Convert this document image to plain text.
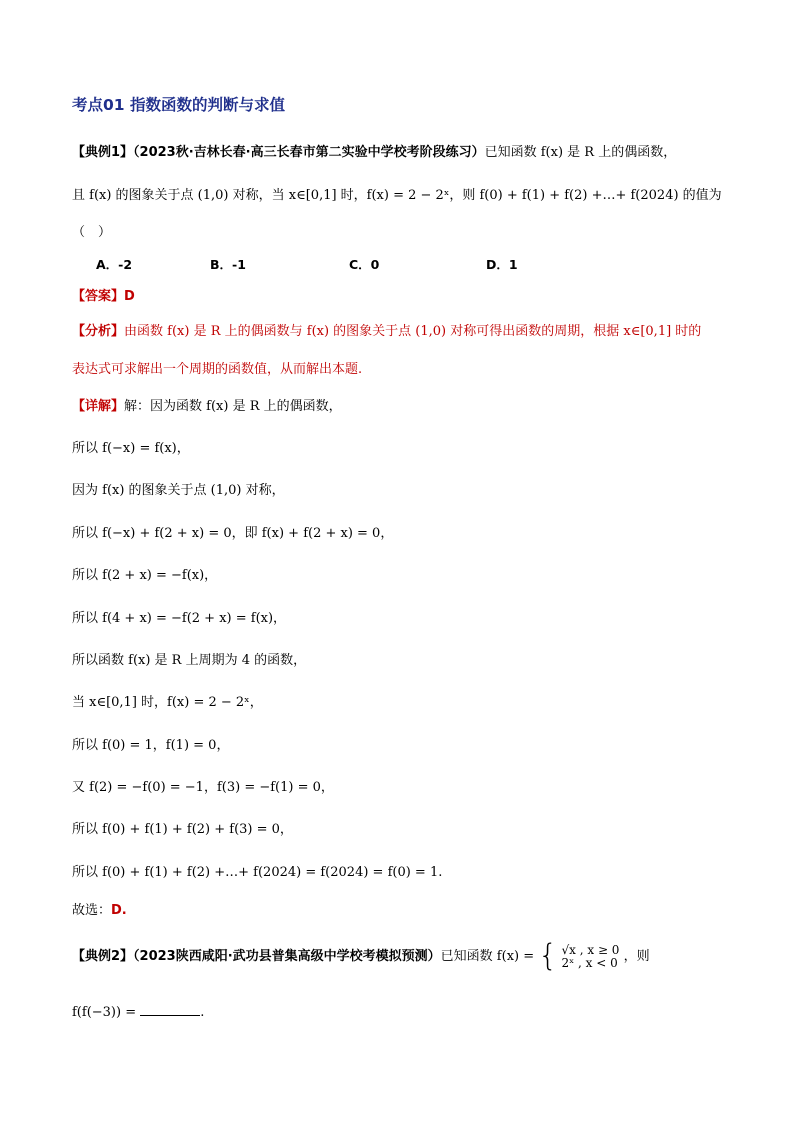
考点01 指数函数的判断与求值
【典例1】（2023秋·吉林长春·高三长春市第二实验中学校考阶段练习）已知函数 f(x) 是 R 上的偶函数，
且 f(x) 的图象关于点 (1,0) 对称，当 x∈[0,1] 时，f(x) = 2 − 2ˣ，则 f(0) + f(1) + f(2) +…+ f(2024) 的值为
（　）
A．-2	B．-1	C．0	D．1
【答案】D
【分析】由函数 f(x) 是 R 上的偶函数与 f(x) 的图象关于点 (1,0) 对称可得出函数的周期，根据 x∈[0,1] 时的
表达式可求解出一个周期的函数值，从而解出本题.
【详解】解：因为函数 f(x) 是 R 上的偶函数，
所以 f(−x) = f(x)，
因为 f(x) 的图象关于点 (1,0) 对称，
所以 f(−x) + f(2 + x) = 0，即 f(x) + f(2 + x) = 0，
所以 f(2 + x) = −f(x)，
所以 f(4 + x) = −f(2 + x) = f(x)，
所以函数 f(x) 是 R 上周期为 4 的函数，
当 x∈[0,1] 时，f(x) = 2 − 2ˣ，
所以 f(0) = 1，f(1) = 0，
又 f(2) = −f(0) = −1，f(3) = −f(1) = 0，
所以 f(0) + f(1) + f(2) + f(3) = 0，
所以 f(0) + f(1) + f(2) +…+ f(2024) = f(2024) = f(0) = 1.
故选：D.
【典例2】（2023陕西咸阳·武功县普集高级中学校考模拟预测）已知函数 f(x) = { √x , x ≥ 0
2ˣ , x < 0 ，则
f(f(−3)) =	.
